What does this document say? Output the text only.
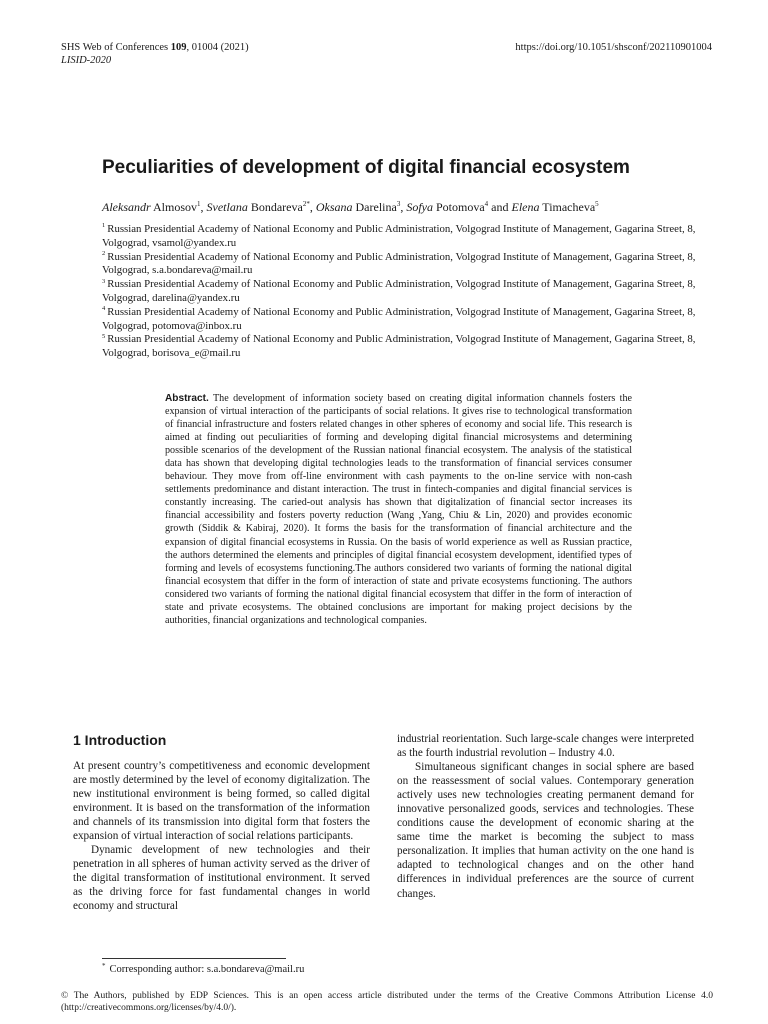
SHS Web of Conferences 109, 01004 (2021)
LISID-2020
https://doi.org/10.1051/shsconf/202110901004
Peculiarities of development of digital financial ecosystem
Aleksandr Almosov$^1$, Svetlana Bondareva$^{2*}$, Oksana Darelina$^3$, Sofya Potomova$^4$ and Elena Timacheva$^5$
$^1$ Russian Presidential Academy of National Economy and Public Administration, Volgograd Institute of Management, Gagarina Street, 8, Volgograd, vsamol@yandex.ru
$^2$ Russian Presidential Academy of National Economy and Public Administration, Volgograd Institute of Management, Gagarina Street, 8, Volgograd, s.a.bondareva@mail.ru
$^3$ Russian Presidential Academy of National Economy and Public Administration, Volgograd Institute of Management, Gagarina Street, 8, Volgograd, darelina@yandex.ru
$^4$ Russian Presidential Academy of National Economy and Public Administration, Volgograd Institute of Management, Gagarina Street, 8, Volgograd, potomova@inbox.ru
$^5$ Russian Presidential Academy of National Economy and Public Administration, Volgograd Institute of Management, Gagarina Street, 8, Volgograd, borisova_e@mail.ru
Abstract. The development of information society based on creating digital information channels fosters the expansion of virtual interaction of the participants of social relations. It gives rise to technological transformation of financial infrastructure and fosters related changes in other spheres of economy and social life. This research is aimed at finding out peculiarities of forming and developing digital financial microsystems and determining possible scenarios of the development of the Russian national financial ecosystem. The analysis of the statistical data has shown that developing digital technologies leads to the transformation of financial services consumer behaviour. They move from off-line environment with cash payments to the on-line service with non-cash settlements predominance and distant interaction. The trust in fintech-companies and digital financial services is constantly increasing. The caried-out analysis has shown that digitalization of financial sector increases its financial accessibility and fosters poverty reduction (Wang ,Yang, Chiu & Lin, 2020) and provides economic growth (Siddik & Kabiraj, 2020). It forms the basis for the transformation of financial architecture and the expansion of digital financial ecosystems in Russia. On the basis of world experience as well as Russian practice, the authors determined the elements and principles of digital financial ecosystem development, identified types of forming and levels of ecosystems functioning.The authors considered two variants of forming the national digital financial ecosystem that differ in the form of interaction of state and private ecosystems functioning. The authors considered two variants of forming the national digital financial ecosystem that differ in the form of interaction of state and private ecosystems. The obtained conclusions are important for making project decisions by the authorities, financial organizations and technological companies.
1 Introduction

At present country’s competitiveness and economic development are mostly determined by the level of economy digitalization. The new institutional environment is being formed, so called digital environment. It is based on the transformation of the information and channels of its transmission into digital form that fosters the expansion of virtual interaction of social relations participants.

Dynamic development of new technologies and their penetration in all spheres of human activity served as the driver of the digital transformation of institutional environment. It served as the driving force for fast fundamental changes in world economy and structural

industrial reorientation. Such large-scale changes were interpreted as the fourth industrial revolution – Industry 4.0.

Simultaneous significant changes in social sphere are based on the reassessment of social values. Contemporary generation actively uses new technologies creating permanent demand for innovative personalized goods, services and technologies. These conditions cause the development of economic sharing at the same time the market is becoming the subject to mass personalization. It implies that human activity on the one hand is adapted to technological changes and on the other hand differences in individual preferences are the source of current changes.

* Corresponding author: s.a.bondareva@mail.ru
© The Authors, published by EDP Sciences. This is an open access article distributed under the terms of the Creative Commons Attribution License 4.0 (http://creativecommons.org/licenses/by/4.0/).
